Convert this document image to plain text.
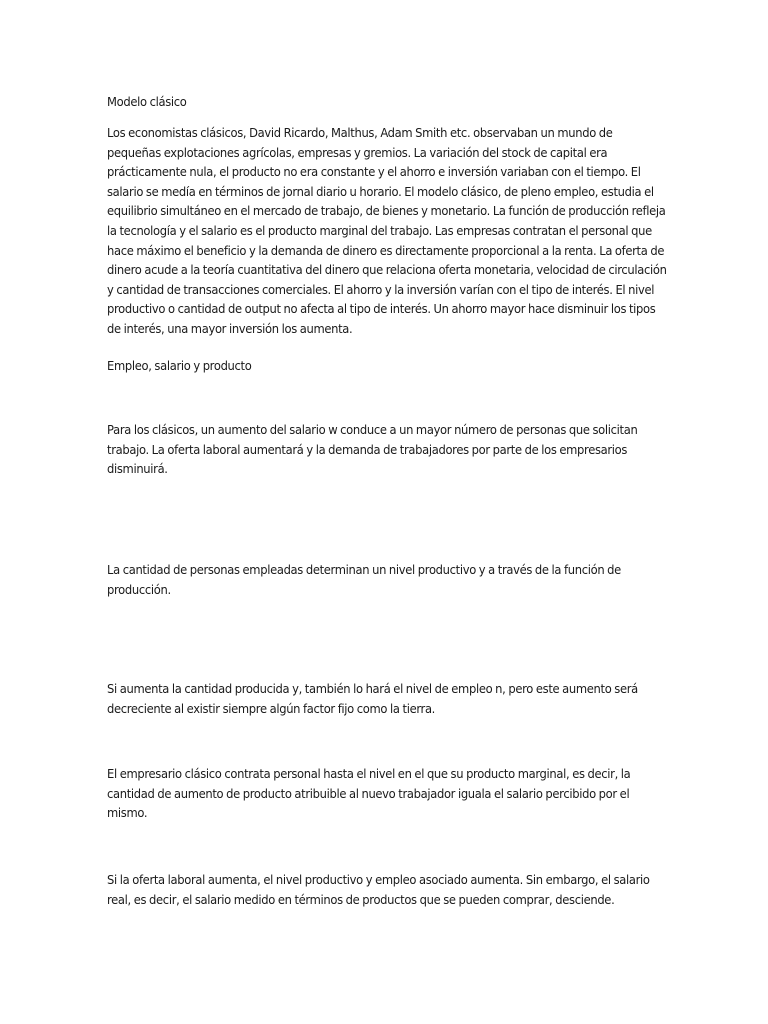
Modelo clásico

Los economistas clásicos, David Ricardo, Malthus, Adam Smith etc. observaban un mundo de pequeñas explotaciones agrícolas, empresas y gremios. La variación del stock de capital era prácticamente nula, el producto no era constante y el ahorro e inversión variaban con el tiempo. El salario se medía en términos de jornal diario u horario. El modelo clásico, de pleno empleo, estudia el equilibrio simultáneo en el mercado de trabajo, de bienes y monetario. La función de producción refleja la tecnología y el salario es el producto marginal del trabajo. Las empresas contratan el personal que hace máximo el beneficio y la demanda de dinero es directamente proporcional a la renta. La oferta de dinero acude a la teoría cuantitativa del dinero que relaciona oferta monetaria, velocidad de circulación y cantidad de transacciones comerciales. El ahorro y la inversión varían con el tipo de interés. El nivel productivo o cantidad de output no afecta al tipo de interés. Un ahorro mayor hace disminuir los tipos de interés, una mayor inversión los aumenta.

Empleo, salario y producto

Para los clásicos, un aumento del salario w conduce a un mayor número de personas que solicitan trabajo. La oferta laboral aumentará y la demanda de trabajadores por parte de los empresarios disminuirá.

La cantidad de personas empleadas determinan un nivel productivo y a través de la función de producción.

Si aumenta la cantidad producida y, también lo hará el nivel de empleo n, pero este aumento será decreciente al existir siempre algún factor fijo como la tierra.

El empresario clásico contrata personal hasta el nivel en el que su producto marginal, es decir, la cantidad de aumento de producto atribuible al nuevo trabajador iguala el salario percibido por el mismo.

Si la oferta laboral aumenta, el nivel productivo y empleo asociado aumenta. Sin embargo, el salario real, es decir, el salario medido en términos de productos que se pueden comprar, desciende.
